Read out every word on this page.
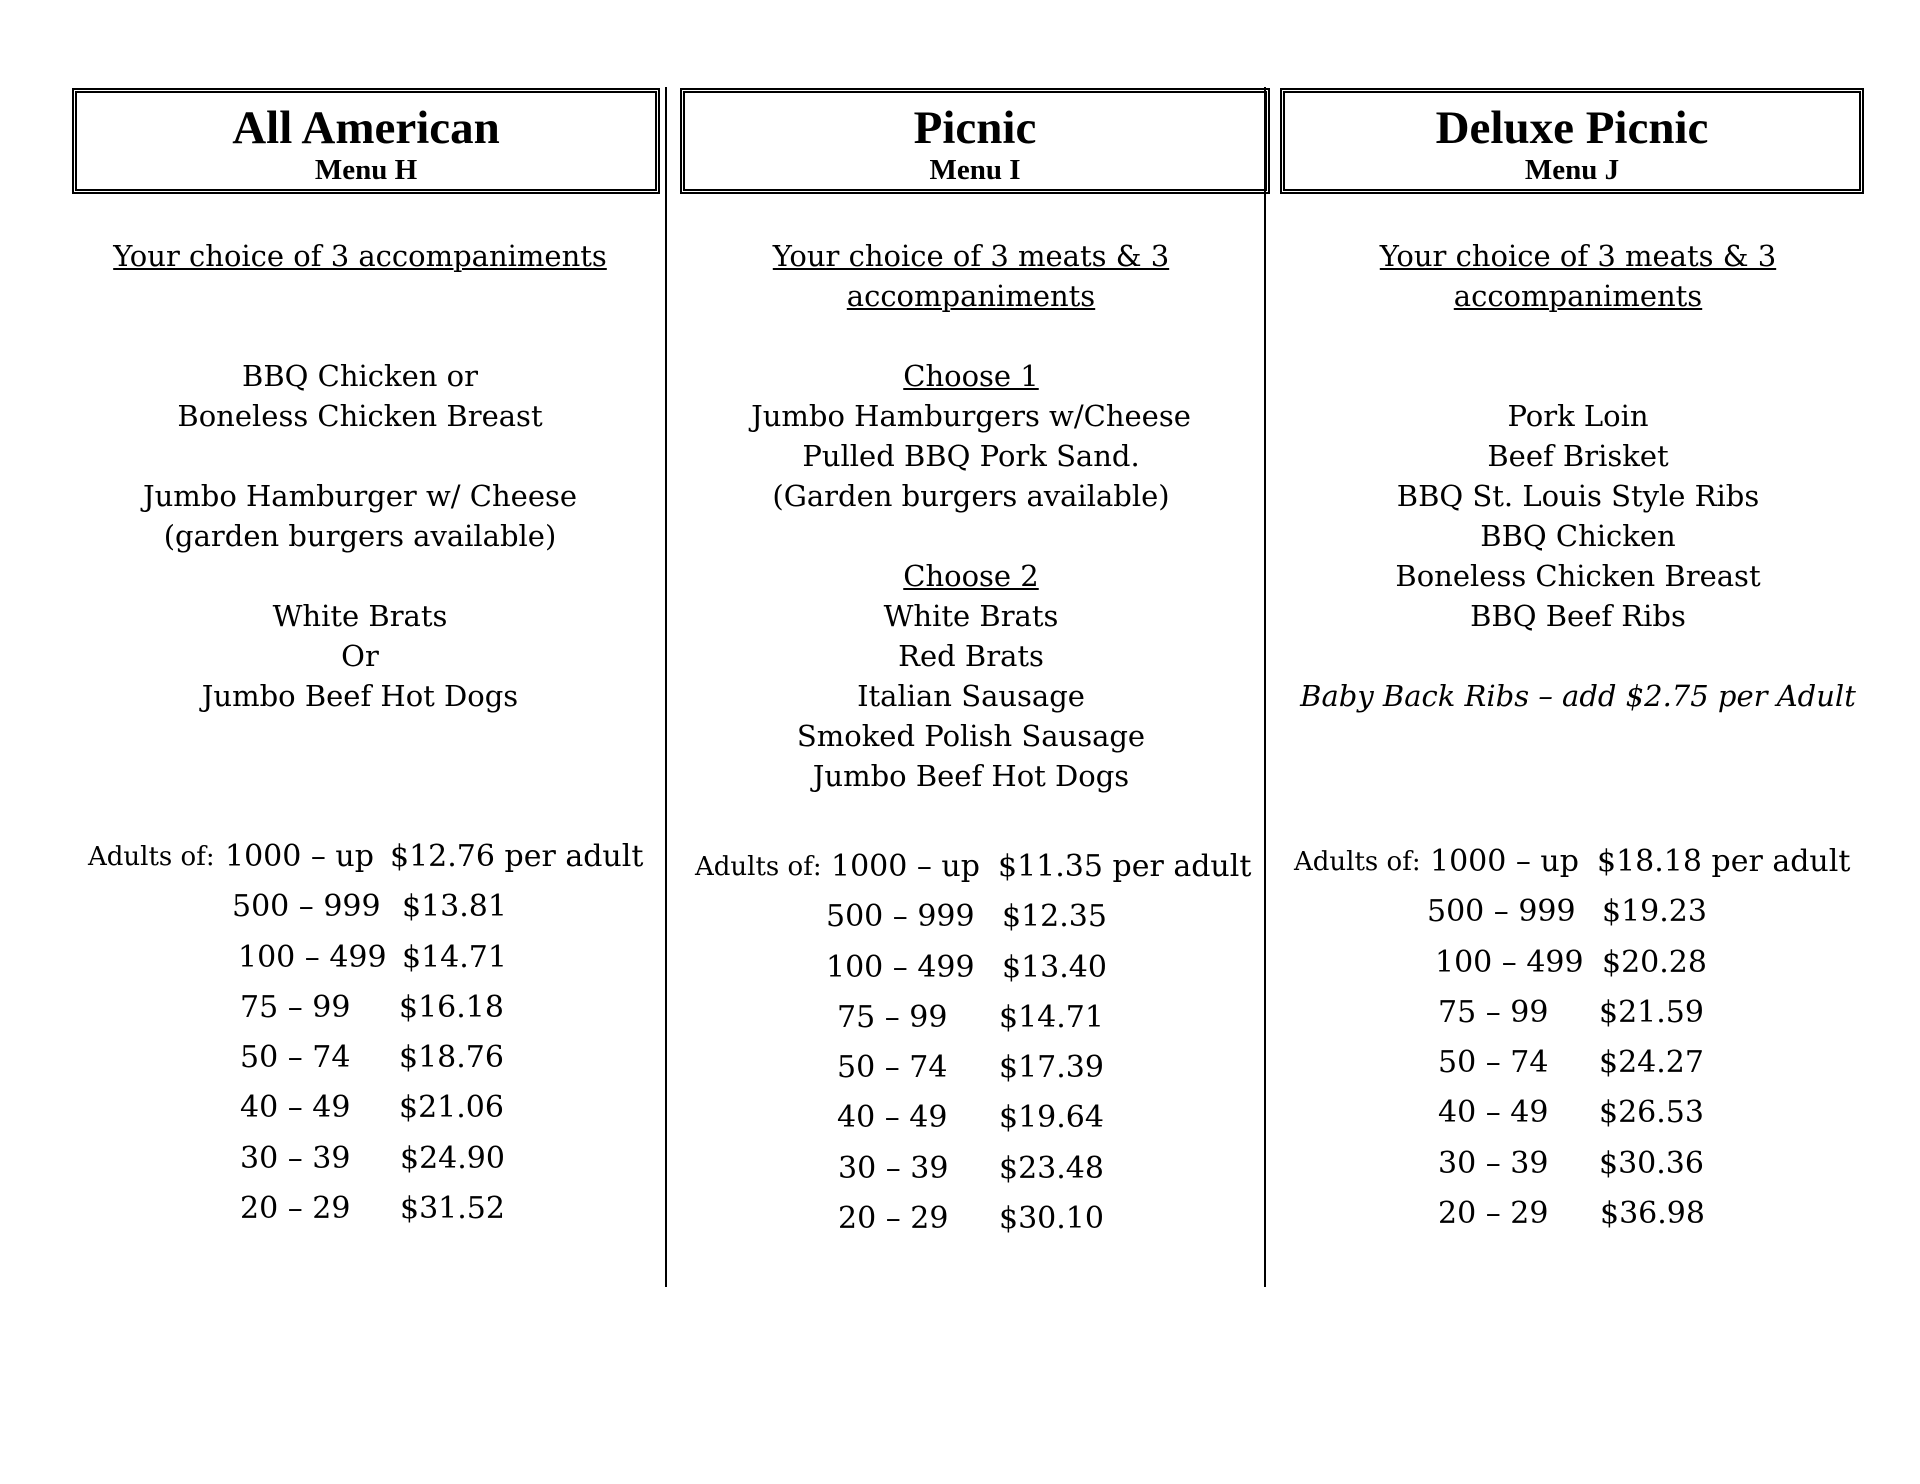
All American
Menu H
Your choice of 3 accompaniments
BBQ Chicken or
Boneless Chicken Breast
Jumbo Hamburger w/ Cheese
(garden burgers available)
White Brats
Or
Jumbo Beef Hot Dogs
Adults of: 1000 – up $12.76 per adult
500 – 999 $13.81
100 – 499 $14.71
75 – 99 $16.18
50 – 74 $18.76
40 – 49 $21.06
30 – 39 $24.90
20 – 29 $31.52
Picnic
Menu I
Your choice of 3 meats & 3
accompaniments
Choose 1
Jumbo Hamburgers w/Cheese
Pulled BBQ Pork Sand.
(Garden burgers available)
Choose 2
White Brats
Red Brats
Italian Sausage
Smoked Polish Sausage
Jumbo Beef Hot Dogs
Adults of: 1000 – up $11.35 per adult
500 – 999 $12.35
100 – 499 $13.40
75 – 99 $14.71
50 – 74 $17.39
40 – 49 $19.64
30 – 39 $23.48
20 – 29 $30.10
Deluxe Picnic
Menu J
Your choice of 3 meats & 3
accompaniments
Pork Loin
Beef Brisket
BBQ St. Louis Style Ribs
BBQ Chicken
Boneless Chicken Breast
BBQ Beef Ribs
Baby Back Ribs – add $2.75 per Adult
Adults of: 1000 – up $18.18 per adult
500 – 999 $19.23
100 – 499 $20.28
75 – 99 $21.59
50 – 74 $24.27
40 – 49 $26.53
30 – 39 $30.36
20 – 29 $36.98
